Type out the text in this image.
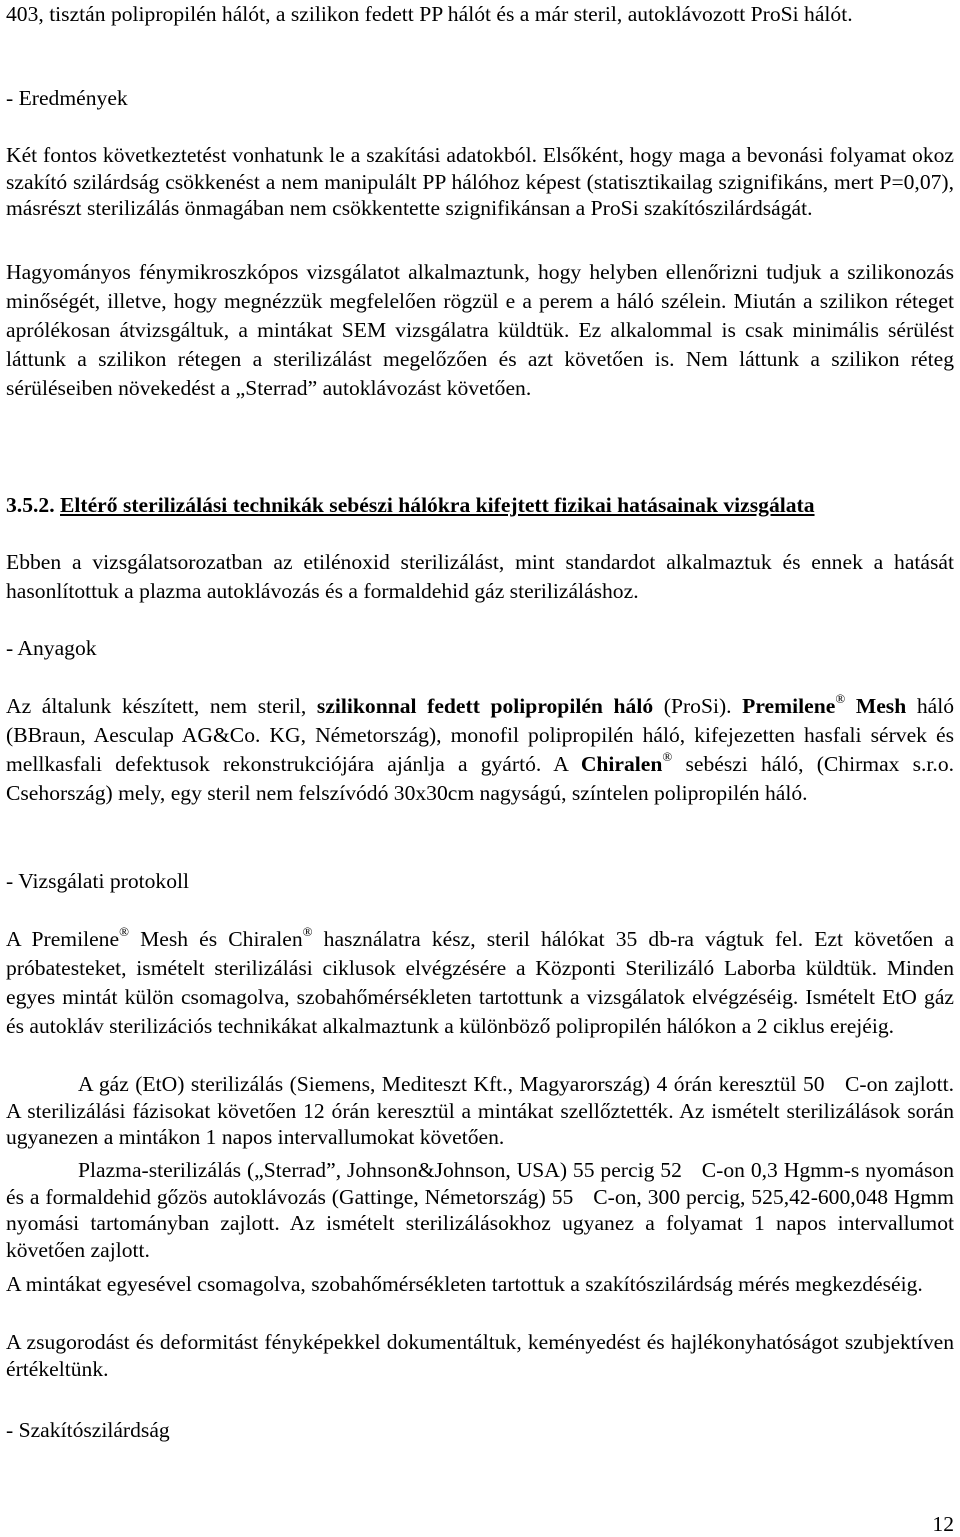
403, tisztán polipropilén hálót, a szilikon fedett PP hálót és a már steril, autoklávozott ProSi hálót.

- Eredmények

Két fontos következtetést vonhatunk le a szakítási adatokból. Elsőként, hogy maga a bevonási folyamat okoz szakító szilárdság csökkenést a nem manipulált PP hálóhoz képest (statisztikailag szignifikáns, mert P=0,07), másrészt sterilizálás önmagában nem csökkentette szignifikánsan a ProSi szakítószilárdságát.

Hagyományos fénymikroszkópos vizsgálatot alkalmaztunk, hogy helyben ellenőrizni tudjuk a szilikonozás minőségét, illetve, hogy megnézzük megfelelően rögzül e a perem a háló szélein. Miután a szilikon réteget aprólékosan átvizsgáltuk, a mintákat SEM vizsgálatra küldtük. Ez alkalommal is csak minimális sérülést láttunk a szilikon rétegen a sterilizálást megelőzően és azt követően is. Nem láttunk a szilikon réteg sérüléseiben növekedést a „Sterrad” autoklávozást követően.

3.5.2. Eltérő sterilizálási technikák sebészi hálókra kifejtett fizikai hatásainak vizsgálata

Ebben a vizsgálatsorozatban az etilénoxid sterilizálást, mint standardot alkalmaztuk és ennek a hatását hasonlítottuk a plazma autoklávozás és a formaldehid gáz sterilizáláshoz.

- Anyagok

Az általunk készített, nem steril, szilikonnal fedett polipropilén háló (ProSi). Premilene® Mesh háló (BBraun, Aesculap AG&Co. KG, Németország), monofil polipropilén háló, kifejezetten hasfali sérvek és mellkasfali defektusok rekonstrukciójára ajánlja a gyártó. A Chiralen® sebészi háló, (Chirmax s.r.o. Csehország) mely, egy steril nem felszívódó 30x30cm nagyságú, színtelen polipropilén háló.

- Vizsgálati protokoll

A Premilene® Mesh és Chiralen® használatra kész, steril hálókat 35 db-ra vágtuk fel. Ezt követően a próbatesteket, ismételt sterilizálási ciklusok elvégzésére a Központi Sterilizáló Laborba küldtük. Minden egyes mintát külön csomagolva, szobahőmérsékleten tartottunk a vizsgálatok elvégzéséig. Ismételt EtO gáz és autokláv sterilizációs technikákat alkalmaztunk a különböző polipropilén hálókon a 2 ciklus erejéig.

A gáz (EtO) sterilizálás (Siemens, Mediteszt Kft., Magyarország) 4 órán keresztül 50 C-on zajlott. A sterilizálási fázisokat követően 12 órán keresztül a mintákat szellőztették. Az ismételt sterilizálások során ugyanezen a mintákon 1 napos intervallumokat követően.

Plazma-sterilizálás („Sterrad”, Johnson&Johnson, USA) 55 percig 52 C-on 0,3 Hgmm-s nyomáson és a formaldehid gőzös autoklávozás (Gattinge, Németország) 55 C-on, 300 percig, 525,42-600,048 Hgmm nyomási tartományban zajlott. Az ismételt sterilizálásokhoz ugyanez a folyamat 1 napos intervallumot követően zajlott.

A mintákat egyesével csomagolva, szobahőmérsékleten tartottuk a szakítószilárdság mérés megkezdéséig.

A zsugorodást és deformitást fényképekkel dokumentáltuk, keményedést és hajlékonyhatóságot szubjektíven értékeltünk.

- Szakítószilárdság

12
